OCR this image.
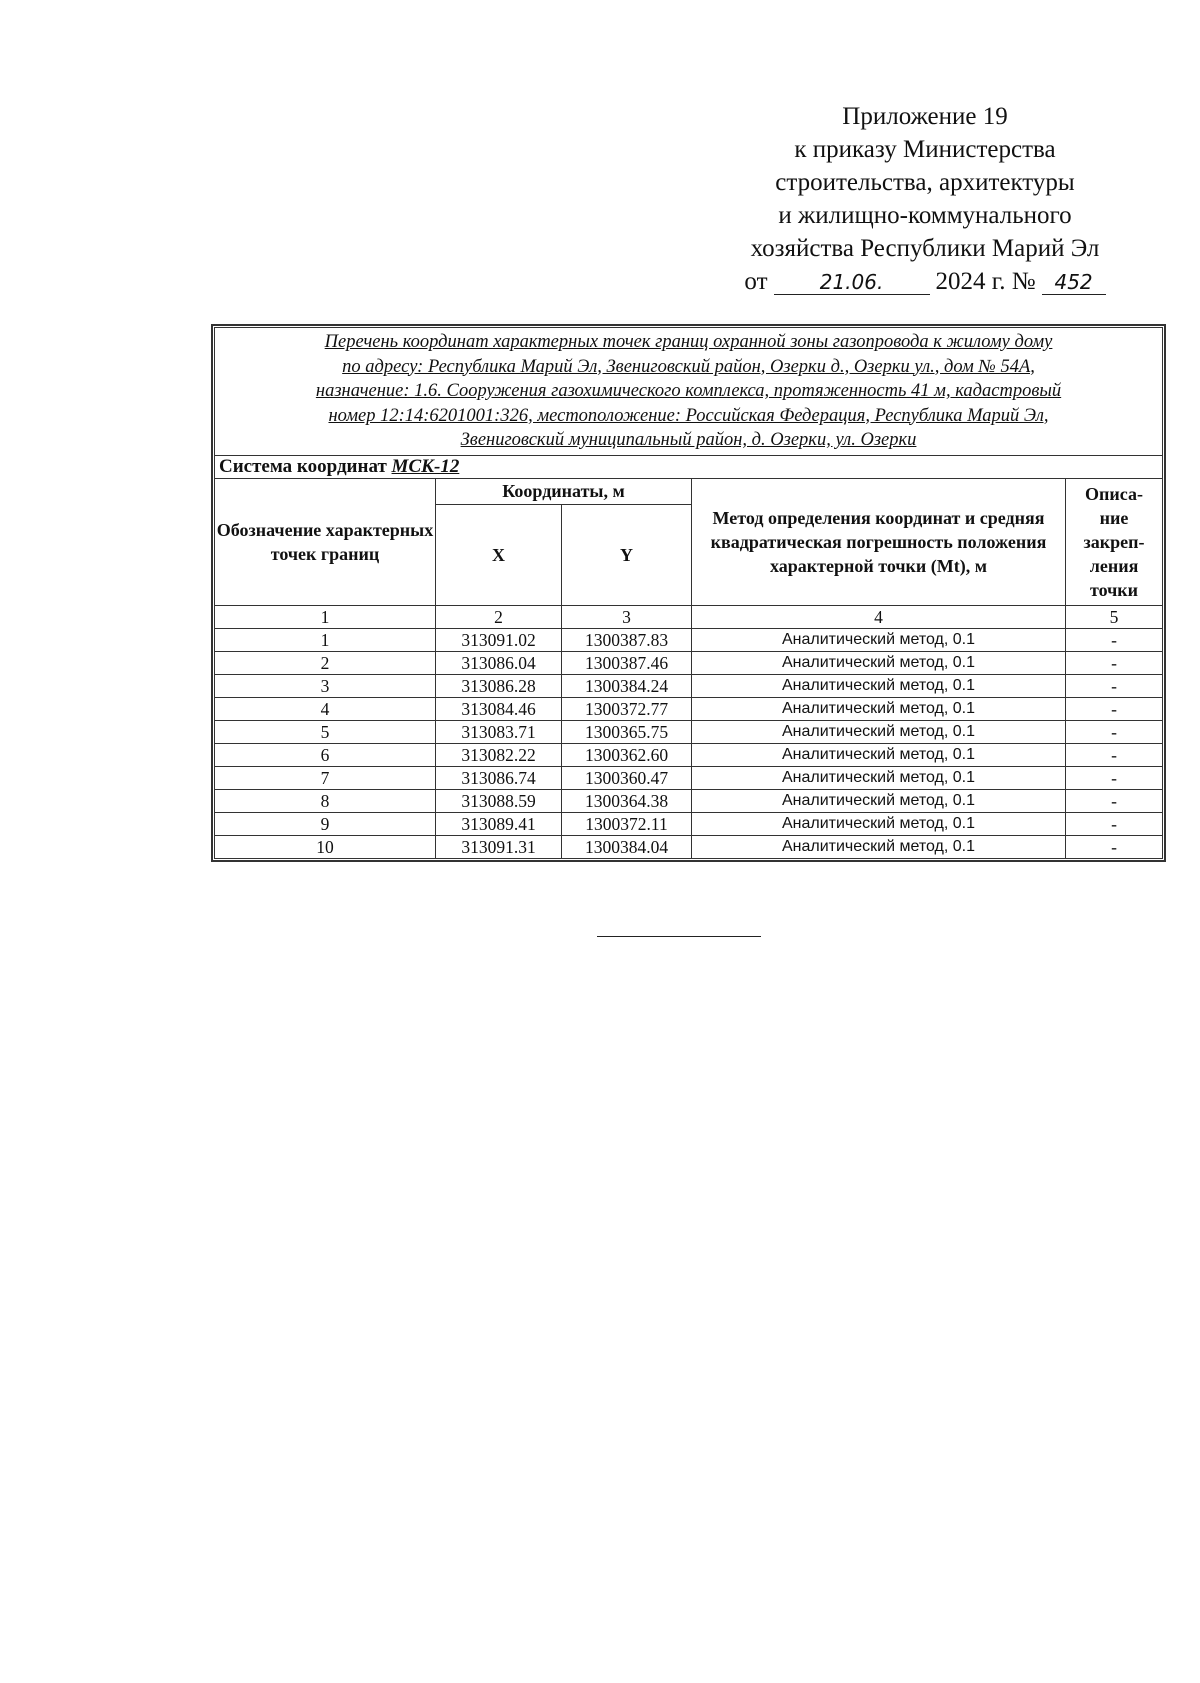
Приложение 19
к приказу Министерства
строительства, архитектуры
и жилищно-коммунального
хозяйства Республики Марий Эл
от	21.06. 2024 г. № 452
Перечень координат характерных точек границ охранной зоны газопровода к жилому дому
по адресу: Республика Марий Эл, Звениговский район, Озерки д., Озерки ул., дом № 54А,
назначение: 1.6. Сооружения газохимического комплекса, протяженность 41 м, кадастровый
номер 12:14:6201001:326, местоположение: Российская Федерация, Республика Марий Эл,
Звениговский муниципальный район, д. Озерки, ул. Озерки				

Система координат МСК-12				
Обозначение характерных точек границ	Координаты, м		Метод определения координат и средняя квадратическая погрешность положения характерной точки (Mt), м	Описа-
ние
закреп-
ления
точки

	X	Y		
1	2	3	4	5
1	313091.02	1300387.83	Аналитический метод, 0.1	-
2	313086.04	1300387.46	Аналитический метод, 0.1	-
3	313086.28	1300384.24	Аналитический метод, 0.1	-
4	313084.46	1300372.77	Аналитический метод, 0.1	-
5	313083.71	1300365.75	Аналитический метод, 0.1	-
6	313082.22	1300362.60	Аналитический метод, 0.1	-
7	313086.74	1300360.47	Аналитический метод, 0.1	-
8	313088.59	1300364.38	Аналитический метод, 0.1	-
9	313089.41	1300372.11	Аналитический метод, 0.1	-
10	313091.31	1300384.04	Аналитический метод, 0.1	-
